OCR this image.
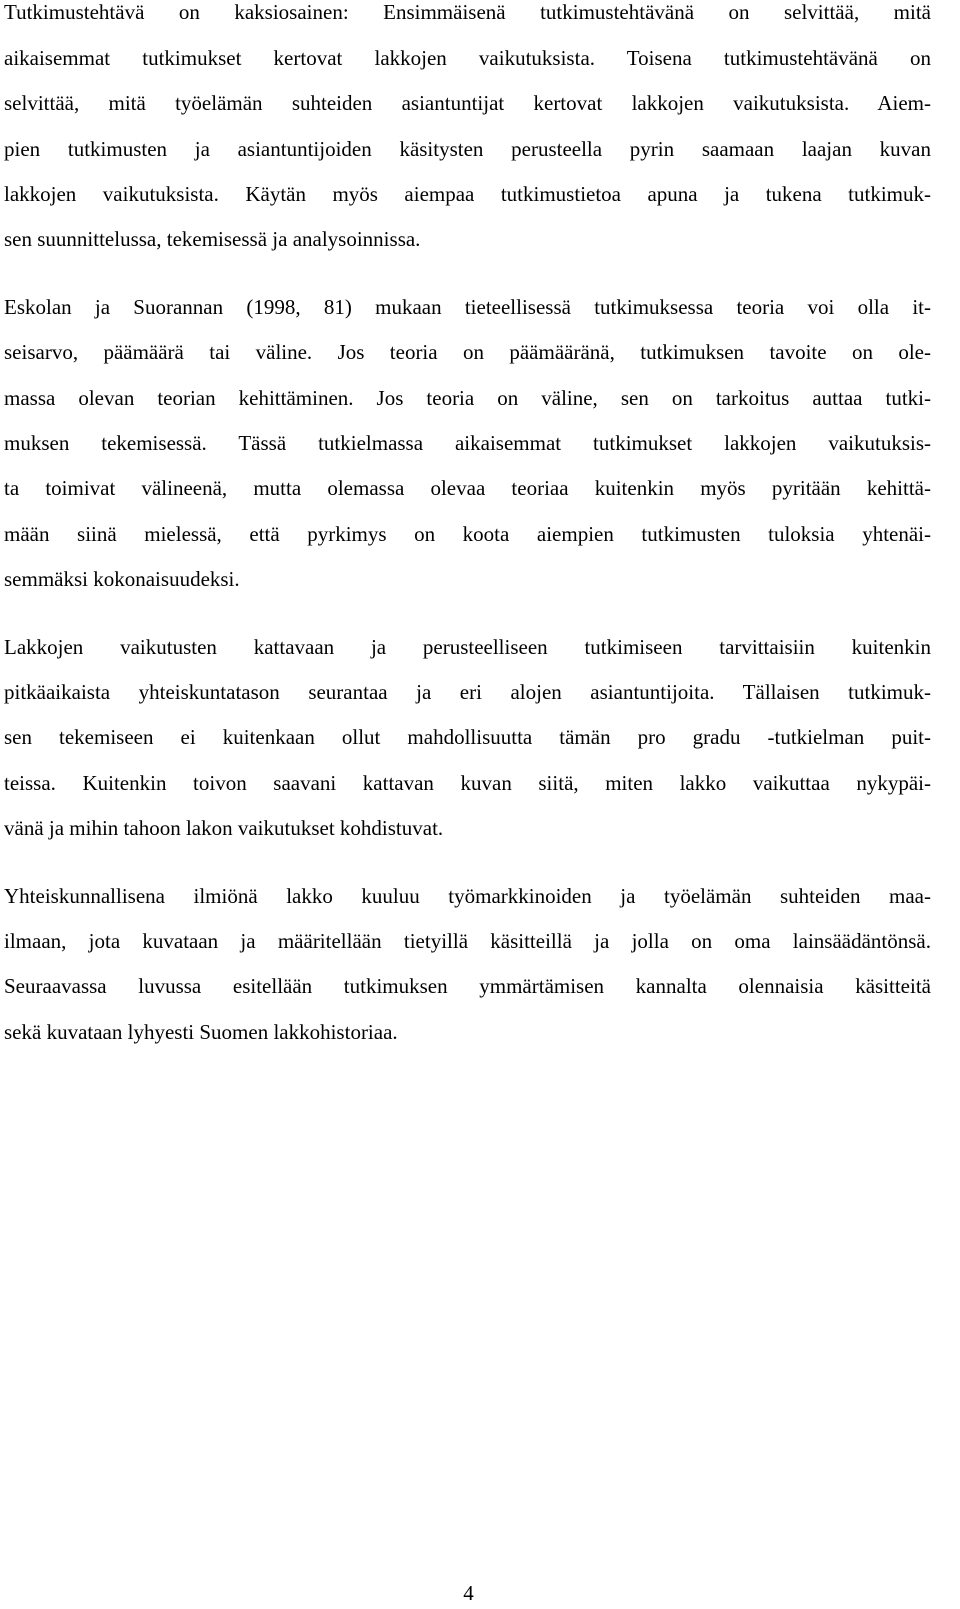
Tutkimustehtävä on kaksiosainen: Ensimmäisenä tutkimustehtävänä on selvittää, mitä
aikaisemmat tutkimukset kertovat lakkojen vaikutuksista. Toisena tutkimustehtävänä on
selvittää, mitä työelämän suhteiden asiantuntijat kertovat lakkojen vaikutuksista. Aiem-
pien tutkimusten ja asiantuntijoiden käsitysten perusteella pyrin saamaan laajan kuvan
lakkojen vaikutuksista. Käytän myös aiempaa tutkimustietoa apuna ja tukena tutkimuk-
sen suunnittelussa, tekemisessä ja analysoinnissa.
Eskolan ja Suorannan (1998, 81) mukaan tieteellisessä tutkimuksessa teoria voi olla it-
seisarvo, päämäärä tai väline. Jos teoria on päämääränä, tutkimuksen tavoite on ole-
massa olevan teorian kehittäminen. Jos teoria on väline, sen on tarkoitus auttaa tutki-
muksen tekemisessä. Tässä tutkielmassa aikaisemmat tutkimukset lakkojen vaikutuksis-
ta toimivat välineenä, mutta olemassa olevaa teoriaa kuitenkin myös pyritään kehittä-
mään siinä mielessä, että pyrkimys on koota aiempien tutkimusten tuloksia yhtenäi-
semmäksi kokonaisuudeksi.
Lakkojen vaikutusten kattavaan ja perusteelliseen tutkimiseen tarvittaisiin kuitenkin
pitkäaikaista yhteiskuntatason seurantaa ja eri alojen asiantuntijoita. Tällaisen tutkimuk-
sen tekemiseen ei kuitenkaan ollut mahdollisuutta tämän pro gradu -tutkielman puit-
teissa. Kuitenkin toivon saavani kattavan kuvan siitä, miten lakko vaikuttaa nykypäi-
vänä ja mihin tahoon lakon vaikutukset kohdistuvat.
Yhteiskunnallisena ilmiönä lakko kuuluu työmarkkinoiden ja työelämän suhteiden maa-
ilmaan, jota kuvataan ja määritellään tietyillä käsitteillä ja jolla on oma lainsäädäntönsä.
Seuraavassa luvussa esitellään tutkimuksen ymmärtämisen kannalta olennaisia käsitteitä
sekä kuvataan lyhyesti Suomen lakkohistoriaa.
4
